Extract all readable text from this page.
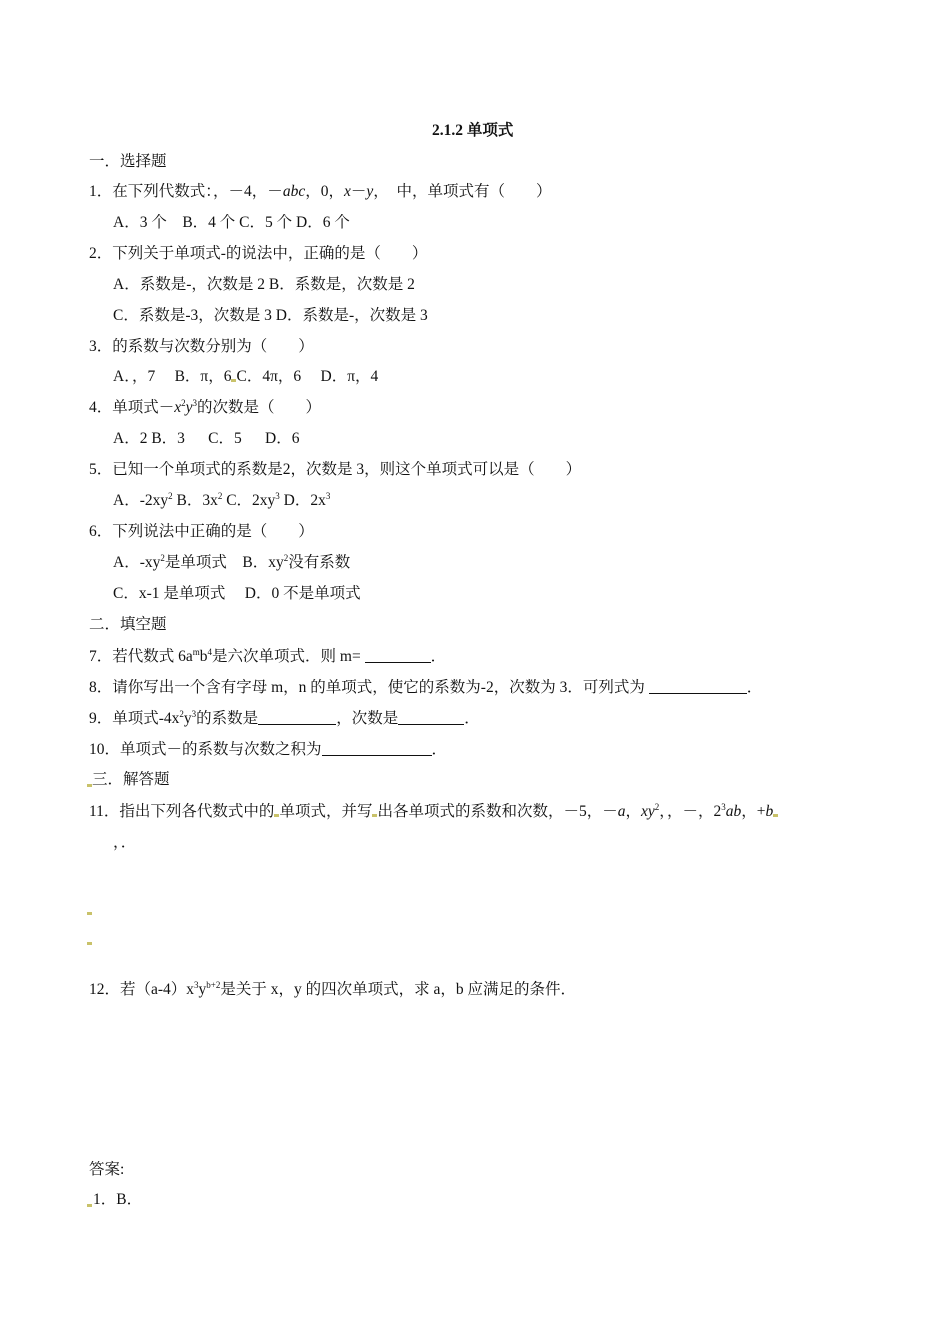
2.1.2 单项式
一．选择题
1．在下列代数式：，－4，－abc，0，x－y，　中，单项式有（　　）
A．3 个　B．4 个 C．5 个 D．6 个
2．下列关于单项式-的说法中，正确的是（　　）
A．系数是-，次数是 2 B．系数是，次数是 2
C．系数是-3，次数是 3 D．系数是-，次数是 3
3．的系数与次数分别为（　　）
A．，7　 B．π，6 C．4π，6　 D．π，4
4．单项式$-x^2y^3$的次数是（　　）
A．2 B．3 　 C．5 　 D．6
5．已知一个单项式的系数是2，次数是 3，则这个单项式可以是（　　）
A．$-2xy^2$ B．$3x^2$ C．$2xy^3$ D．$2x^3$
6．下列说法中正确的是（　　）
A．$-xy^2$是单项式　B．$xy^2$没有系数
C．x-1 是单项式　 D．0 不是单项式
二．填空题
7．若代数式 $6a^mb^4$是六次单项式．则 m=	．
8．请你写出一个含有字母 m，n 的单项式，使它的系数为-2，次数为 3．可列式为	．
9．单项式$-4x^2y^3$的系数是	，次数是	．
10．单项式－的系数与次数之积为	．
三．解答题
11．指出下列各代数式中的 单项式，并写 出各单项式的系数和次数，－5，－a，$xy^2$，，－，$2^3ab$，+b
，．
12．若$(a-4)x^3y^{b+2}$是关于 x，y 的四次单项式，求 a，b 应满足的条件．
答案:
1．B．
